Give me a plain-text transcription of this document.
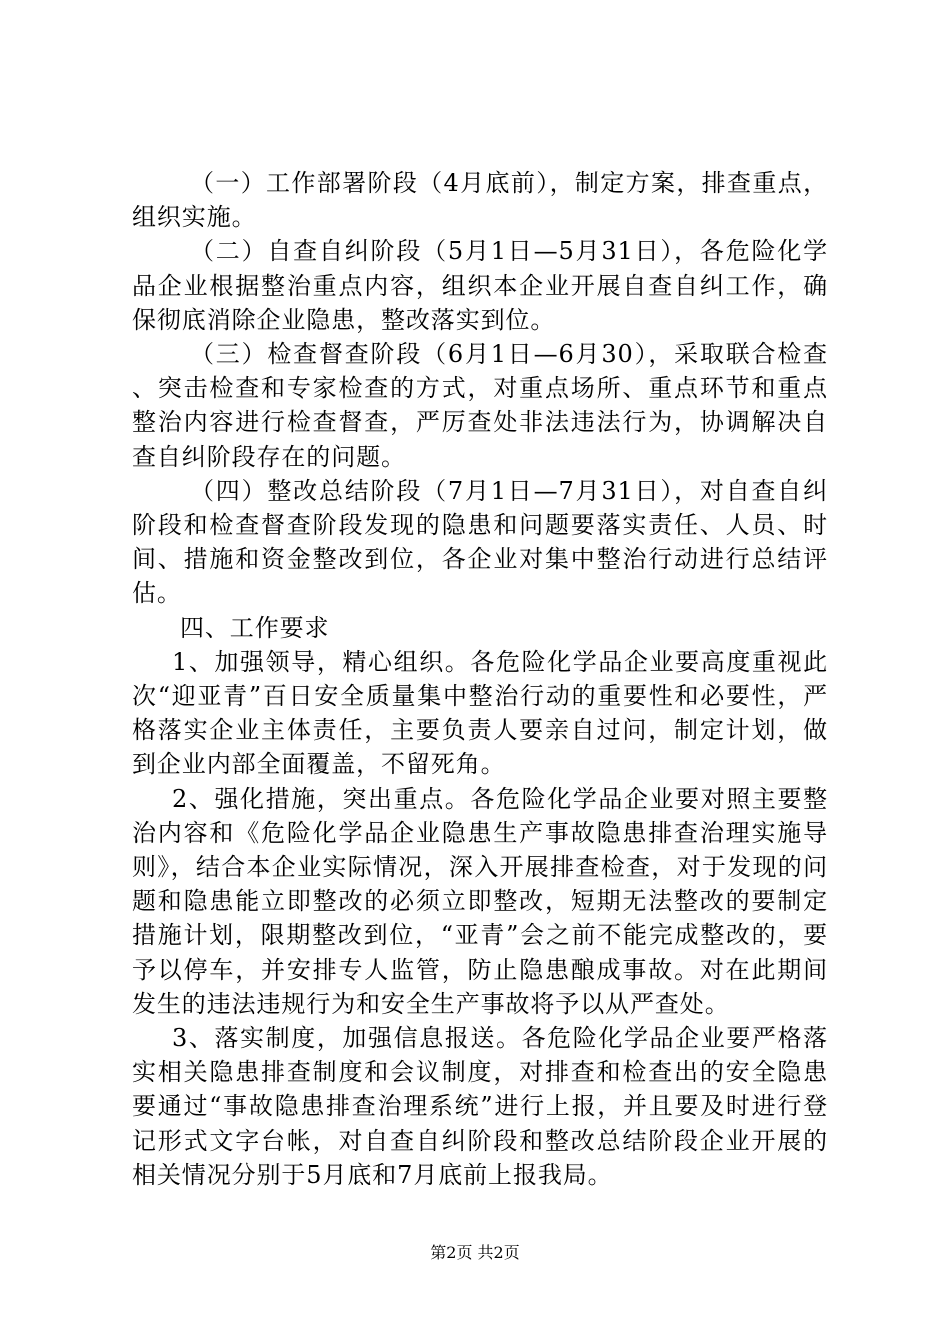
（一）工作部署阶段（4月底前），制定方案，排查重点，组织实施。

（二）自查自纠阶段（5月1日—5月31日），各危险化学品企业根据整治重点内容，组织本企业开展自查自纠工作，确保彻底消除企业隐患，整改落实到位。

（三）检查督查阶段（6月1日—6月30），采取联合检查、突击检查和专家检查的方式，对重点场所、重点环节和重点整治内容进行检查督查，严厉查处非法违法行为，协调解决自查自纠阶段存在的问题。

（四）整改总结阶段（7月1日—7月31日），对自查自纠阶段和检查督查阶段发现的隐患和问题要落实责任、人员、时间、措施和资金整改到位，各企业对集中整治行动进行总结评估。

四、工作要求

1、加强领导，精心组织。各危险化学品企业要高度重视此次“迎亚青”百日安全质量集中整治行动的重要性和必要性，严格落实企业主体责任，主要负责人要亲自过问，制定计划，做到企业内部全面覆盖，不留死角。

2、强化措施，突出重点。各危险化学品企业要对照主要整治内容和《危险化学品企业隐患生产事故隐患排查治理实施导则》，结合本企业实际情况，深入开展排查检查，对于发现的问题和隐患能立即整改的必须立即整改，短期无法整改的要制定措施计划，限期整改到位，“亚青”会之前不能完成整改的，要予以停车，并安排专人监管，防止隐患酿成事故。对在此期间发生的违法违规行为和安全生产事故将予以从严查处。

3、落实制度，加强信息报送。各危险化学品企业要严格落实相关隐患排查制度和会议制度，对排查和检查出的安全隐患要通过“事故隐患排查治理系统”进行上报，并且要及时进行登记形式文字台帐，对自查自纠阶段和整改总结阶段企业开展的相关情况分别于5月底和7月底前上报我局。

第2页 共2页
